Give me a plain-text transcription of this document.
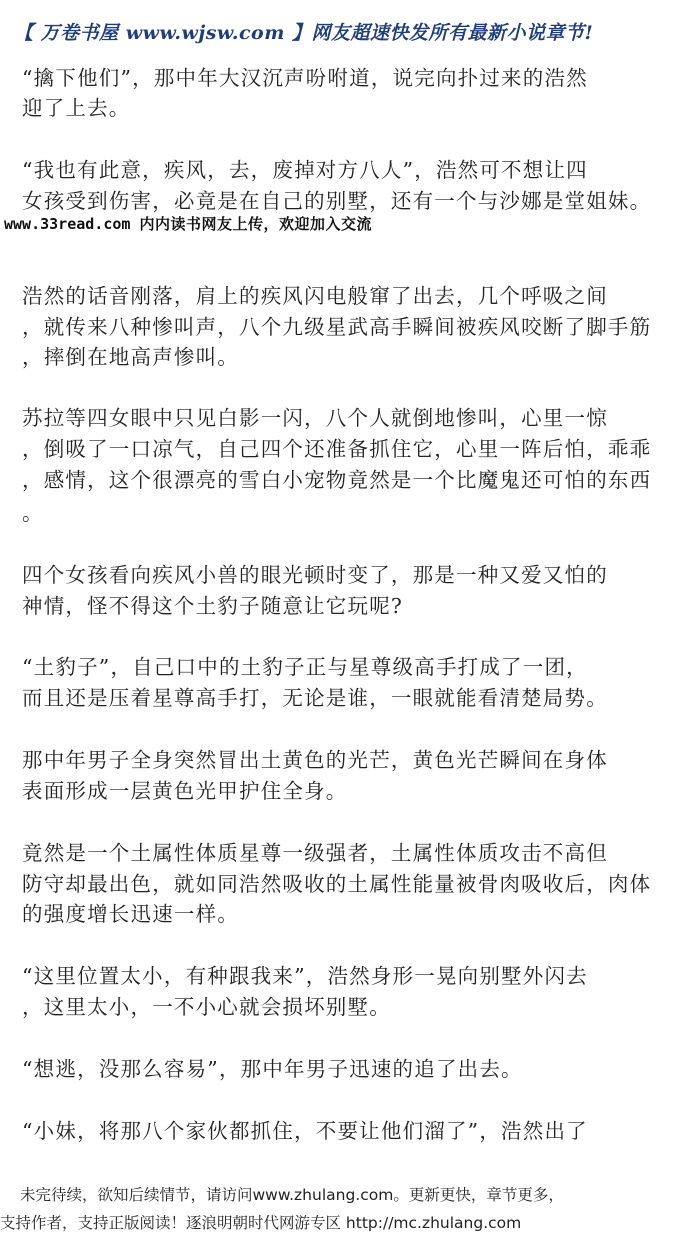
【 万卷书屋 www.wjsw.com 】网友超速快发所有最新小说章节!
“擒下他们”，那中年大汉沉声吩咐道，说完向扑过来的浩然
迎了上去。
“我也有此意，疾风，去，废掉对方八人”，浩然可不想让四
女孩受到伤害，必竟是在自己的别墅，还有一个与沙娜是堂姐妹。
www.33read.com 内内读书网友上传，欢迎加入交流
浩然的话音刚落，肩上的疾风闪电般窜了出去，几个呼吸之间
，就传来八种惨叫声，八个九级星武高手瞬间被疾风咬断了脚手筋
，摔倒在地高声惨叫。
苏拉等四女眼中只见白影一闪，八个人就倒地惨叫，心里一惊
，倒吸了一口凉气，自己四个还准备抓住它，心里一阵后怕，乖乖
，感情，这个很漂亮的雪白小宠物竟然是一个比魔鬼还可怕的东西
。
四个女孩看向疾风小兽的眼光顿时变了，那是一种又爱又怕的
神情，怪不得这个土豹子随意让它玩呢?
“土豹子”，自己口中的土豹子正与星尊级高手打成了一团，
而且还是压着星尊高手打，无论是谁，一眼就能看清楚局势。
那中年男子全身突然冒出土黄色的光芒，黄色光芒瞬间在身体
表面形成一层黄色光甲护住全身。
竟然是一个土属性体质星尊一级强者，土属性体质攻击不高但
防守却最出色，就如同浩然吸收的土属性能量被骨肉吸收后，肉体
的强度增长迅速一样。
“这里位置太小，有种跟我来”，浩然身形一晃向别墅外闪去
，这里太小，一不小心就会损坏别墅。
“想逃，没那么容易”，那中年男子迅速的追了出去。
“小妹，将那八个家伙都抓住，不要让他们溜了”，浩然出了
未完待续，欲知后续情节，请访问www.zhulang.com。更新更快，章节更多，
支持作者，支持正版阅读！逐浪明朝时代网游专区 http://mc.zhulang.com
